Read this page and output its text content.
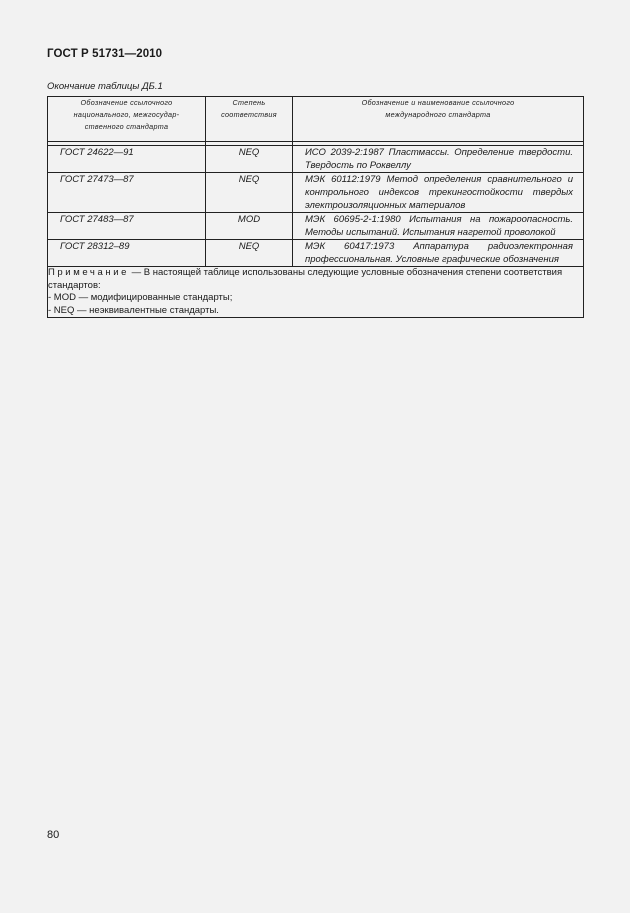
ГОСТ Р 51731—2010
Окончание таблицы ДБ.1
Обозначение ссылочного национального, межгосудар-ственного стандарта	Степень соответствия	Обозначение и наименование ссылочного международного стандарта

ГОСТ 24622—91	NEQ	ИСО 2039-2:1987 Пластмассы. Определение твердости. Твердость по Роквеллу
ГОСТ 27473—87	NEQ	МЭК 60112:1979 Метод определения сравнительного и контрольного индексов трекингостойкости твердых электроизоляционных материалов
ГОСТ 27483—87	MOD	МЭК 60695-2-1:1980 Испытания на пожароопасность. Методы испытаний. Испытания нагретой проволокой
ГОСТ 28312–89	NEQ	МЭК 60417:1973 Аппаратура радиоэлектронная профессиональная. Условные графические обозначения
Примечание — В настоящей таблице использованы следующие условные обозначения степени соответствия стандартов:
- MOD — модифицированные стандарты;
- NEQ — неэквивалентные стандарты.		
80
